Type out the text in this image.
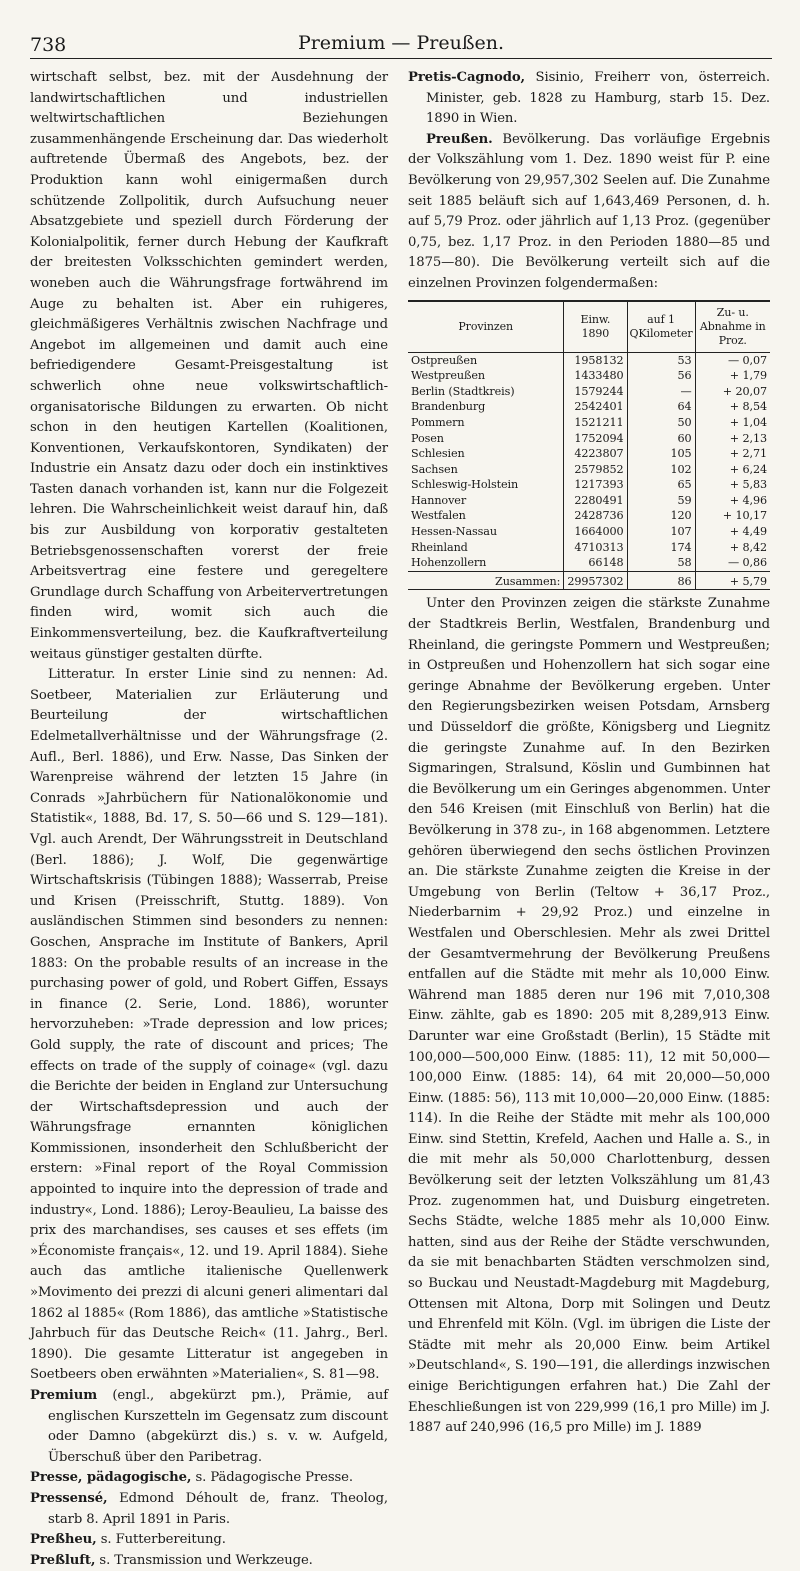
738	Premium — Preußen.

wirtschaft selbst, bez. mit der Ausdehnung der landwirtschaftlichen und industriellen weltwirtschaftlichen Beziehungen zusammenhängende Erscheinung dar. Das wiederholt auftretende Übermaß des Angebots, bez. der Produktion kann wohl einigermaßen durch schützende Zollpolitik, durch Aufsuchung neuer Absatzgebiete und speziell durch Förderung der Kolonialpolitik, ferner durch Hebung der Kaufkraft der breitesten Volksschichten gemindert werden, woneben auch die Währungsfrage fortwährend im Auge zu behalten ist. Aber ein ruhigeres, gleichmäßigeres Verhältnis zwischen Nachfrage und Angebot im allgemeinen und damit auch eine befriedigendere Gesamt-Preisgestaltung ist schwerlich ohne neue volkswirtschaftlich-organisatorische Bildungen zu erwarten. Ob nicht schon in den heutigen Kartellen (Koalitionen, Konventionen, Verkaufskontoren, Syndikaten) der Industrie ein Ansatz dazu oder doch ein instinktives Tasten danach vorhanden ist, kann nur die Folgezeit lehren. Die Wahrscheinlichkeit weist darauf hin, daß bis zur Ausbildung von korporativ gestalteten Betriebsgenossenschaften vorerst der freie Arbeitsvertrag eine festere und geregeltere Grundlage durch Schaffung von Arbeitervertretungen finden wird, womit sich auch die Einkommensverteilung, bez. die Kaufkraftverteilung weitaus günstiger gestalten dürfte.

Litteratur. In erster Linie sind zu nennen: Ad. Soetbeer, Materialien zur Erläuterung und Beurteilung der wirtschaftlichen Edelmetallverhältnisse und der Währungsfrage (2. Aufl., Berl. 1886), und Erw. Nasse, Das Sinken der Warenpreise während der letzten 15 Jahre (in Conrads »Jahrbüchern für Nationalökonomie und Statistik«, 1888, Bd. 17, S. 50—66 und S. 129—181). Vgl. auch Arendt, Der Währungsstreit in Deutschland (Berl. 1886); J. Wolf, Die gegenwärtige Wirtschaftskrisis (Tübingen 1888); Wasserrab, Preise und Krisen (Preisschrift, Stuttg. 1889). Von ausländischen Stimmen sind besonders zu nennen: Goschen, Ansprache im Institute of Bankers, April 1883: On the probable results of an increase in the purchasing power of gold, und Robert Giffen, Essays in finance (2. Serie, Lond. 1886), worunter hervorzuheben: »Trade depression and low prices; Gold supply, the rate of discount and prices; The effects on trade of the supply of coinage« (vgl. dazu die Berichte der beiden in England zur Untersuchung der Wirtschaftsdepression und auch der Währungsfrage ernannten königlichen Kommissionen, insonderheit den Schlußbericht der erstern: »Final report of the Royal Commission appointed to inquire into the depression of trade and industry«, Lond. 1886); Leroy-Beaulieu, La baisse des prix des marchandises, ses causes et ses effets (im »Économiste français«, 12. und 19. April 1884). Siehe auch das amtliche italienische Quellenwerk »Movimento dei prezzi di alcuni generi alimentari dal 1862 al 1885« (Rom 1886), das amtliche »Statistische Jahrbuch für das Deutsche Reich« (11. Jahrg., Berl. 1890). Die gesamte Litteratur ist angegeben in Soetbeers oben erwähnten »Materialien«, S. 81—98.

Premium (engl., abgekürzt pm.), Prämie, auf englischen Kurszetteln im Gegensatz zum discount oder Damno (abgekürzt dis.) s. v. w. Aufgeld, Überschuß über den Paribetrag.

Presse, pädagogische, s. Pädagogische Presse.

Pressensé, Edmond Déhoult de, franz. Theolog, starb 8. April 1891 in Paris.

Preßheu, s. Futterbereitung.

Preßluft, s. Transmission und Werkzeuge.

Pretis-Cagnodo, Sisinio, Freiherr von, österreich. Minister, geb. 1828 zu Hamburg, starb 15. Dez. 1890 in Wien.

Preußen. Bevölkerung. Das vorläufige Ergebnis der Volkszählung vom 1. Dez. 1890 weist für P. eine Bevölkerung von 29,957,302 Seelen auf. Die Zunahme seit 1885 beläuft sich auf 1,643,469 Personen, d. h. auf 5,79 Proz. oder jährlich auf 1,13 Proz. (gegenüber 0,75, bez. 1,17 Proz. in den Perioden 1880—85 und 1875—80). Die Bevölkerung verteilt sich auf die einzelnen Provinzen folgendermaßen:

Provinzen	Einw. 1890	auf 1 QKilometer	Zu- u. Abnahme in Proz.
Ostpreußen	1958132	53	— 0,07
Westpreußen	1433480	56	+ 1,79
Berlin (Stadtkreis)	1579244	—	+ 20,07
Brandenburg	2542401	64	+ 8,54
Pommern	1521211	50	+ 1,04
Posen	1752094	60	+ 2,13
Schlesien	4223807	105	+ 2,71
Sachsen	2579852	102	+ 6,24
Schleswig-Holstein	1217393	65	+ 5,83
Hannover	2280491	59	+ 4,96
Westfalen	2428736	120	+ 10,17
Hessen-Nassau	1664000	107	+ 4,49
Rheinland	4710313	174	+ 8,42
Hohenzollern	66148	58	— 0,86
Zusammen:	29957302	86	+ 5,79

Unter den Provinzen zeigen die stärkste Zunahme der Stadtkreis Berlin, Westfalen, Brandenburg und Rheinland, die geringste Pommern und Westpreußen; in Ostpreußen und Hohenzollern hat sich sogar eine geringe Abnahme der Bevölkerung ergeben. Unter den Regierungsbezirken weisen Potsdam, Arnsberg und Düsseldorf die größte, Königsberg und Liegnitz die geringste Zunahme auf. In den Bezirken Sigmaringen, Stralsund, Köslin und Gumbinnen hat die Bevölkerung um ein Geringes abgenommen. Unter den 546 Kreisen (mit Einschluß von Berlin) hat die Bevölkerung in 378 zu-, in 168 abgenommen. Letztere gehören überwiegend den sechs östlichen Provinzen an. Die stärkste Zunahme zeigten die Kreise in der Umgebung von Berlin (Teltow + 36,17 Proz., Niederbarnim + 29,92 Proz.) und einzelne in Westfalen und Oberschlesien. Mehr als zwei Drittel der Gesamtvermehrung der Bevölkerung Preußens entfallen auf die Städte mit mehr als 10,000 Einw. Während man 1885 deren nur 196 mit 7,010,308 Einw. zählte, gab es 1890: 205 mit 8,289,913 Einw. Darunter war eine Großstadt (Berlin), 15 Städte mit 100,000—500,000 Einw. (1885: 11), 12 mit 50,000—100,000 Einw. (1885: 14), 64 mit 20,000—50,000 Einw. (1885: 56), 113 mit 10,000—20,000 Einw. (1885: 114). In die Reihe der Städte mit mehr als 100,000 Einw. sind Stettin, Krefeld, Aachen und Halle a. S., in die mit mehr als 50,000 Charlottenburg, dessen Bevölkerung seit der letzten Volkszählung um 81,43 Proz. zugenommen hat, und Duisburg eingetreten. Sechs Städte, welche 1885 mehr als 10,000 Einw. hatten, sind aus der Reihe der Städte verschwunden, da sie mit benachbarten Städten verschmolzen sind, so Buckau und Neustadt-Magdeburg mit Magdeburg, Ottensen mit Altona, Dorp mit Solingen und Deutz und Ehrenfeld mit Köln. (Vgl. im übrigen die Liste der Städte mit mehr als 20,000 Einw. beim Artikel »Deutschland«, S. 190—191, die allerdings inzwischen einige Berichtigungen erfahren hat.) Die Zahl der Eheschließungen ist von 229,999 (16,1 pro Mille) im J. 1887 auf 240,996 (16,5 pro Mille) im J. 1889
